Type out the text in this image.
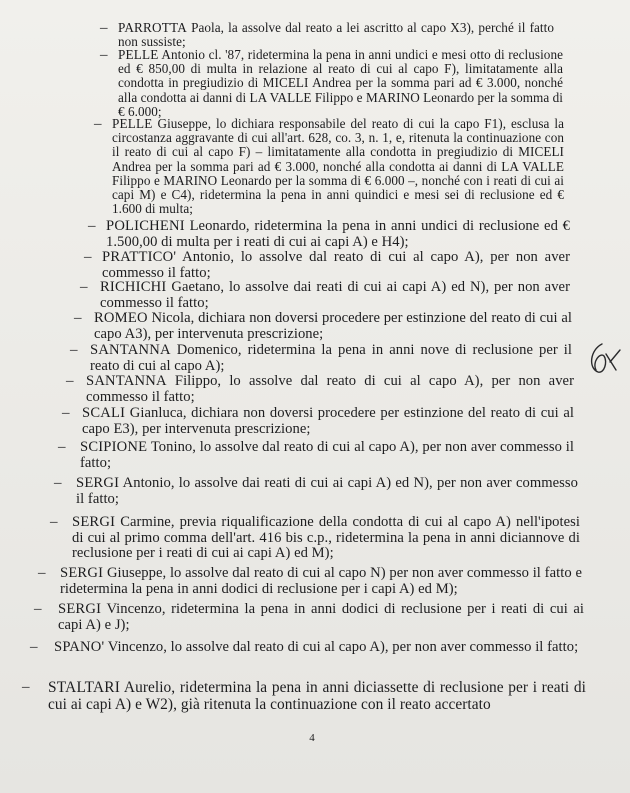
– PARROTTA Paola, la assolve dal reato a lei ascritto al capo X3), perché il fatto non sussiste;
– PELLE Antonio cl. '87, ridetermina la pena in anni undici e mesi otto di reclusione ed € 850,00 di multa in relazione al reato di cui al capo F), limitatamente alla condotta in pregiudizio di MICELI Andrea per la somma pari ad € 3.000, nonché alla condotta ai danni di LA VALLE Filippo e MARINO Leonardo per la somma di € 6.000;
– PELLE Giuseppe, lo dichiara responsabile del reato di cui la capo F1), esclusa la circostanza aggravante di cui all'art. 628, co. 3, n. 1, e, ritenuta la continuazione con il reato di cui al capo F) – limitatamente alla condotta in pregiudizio di MICELI Andrea per la somma pari ad € 3.000, nonché alla condotta ai danni di LA VALLE Filippo e MARINO Leonardo per la somma di € 6.000 –, nonché con i reati di cui ai capi M) e C4), ridetermina la pena in anni quindici e mesi sei di reclusione ed € 1.600 di multa;
– POLICHENI Leonardo, ridetermina la pena in anni undici di reclusione ed € 1.500,00 di multa per i reati di cui ai capi A) e H4);
– PRATTICO' Antonio, lo assolve dal reato di cui al capo A), per non aver commesso il fatto;
– RICHICHI Gaetano, lo assolve dai reati di cui ai capi A) ed N), per non aver commesso il fatto;
– ROMEO Nicola, dichiara non doversi procedere per estinzione del reato di cui al capo A3), per intervenuta prescrizione;
– SANTANNA Domenico, ridetermina la pena in anni nove di reclusione per il reato di cui al capo A);
– SANTANNA Filippo, lo assolve dal reato di cui al capo A), per non aver commesso il fatto;
– SCALI Gianluca, dichiara non doversi procedere per estinzione del reato di cui al capo E3), per intervenuta prescrizione;
– SCIPIONE Tonino, lo assolve dal reato di cui al capo A), per non aver commesso il fatto;
– SERGI Antonio, lo assolve dai reati di cui ai capi A) ed N), per non aver commesso il fatto;
– SERGI Carmine, previa riqualificazione della condotta di cui al capo A) nell'ipotesi di cui al primo comma dell'art. 416 bis c.p., ridetermina la pena in anni diciannove di reclusione per i reati di cui ai capi A) ed M);
– SERGI Giuseppe, lo assolve dal reato di cui al capo N) per non aver commesso il fatto e ridetermina la pena in anni dodici di reclusione per i capi A) ed M);
– SERGI Vincenzo, ridetermina la pena in anni dodici di reclusione per i reati di cui ai capi A) e J);
– SPANO' Vincenzo, lo assolve dal reato di cui al capo A), per non aver commesso il fatto;
– STALTARI Aurelio, ridetermina la pena in anni diciassette di reclusione per i reati di cui ai capi A) e W2), già ritenuta la continuazione con il reato accertato
4
